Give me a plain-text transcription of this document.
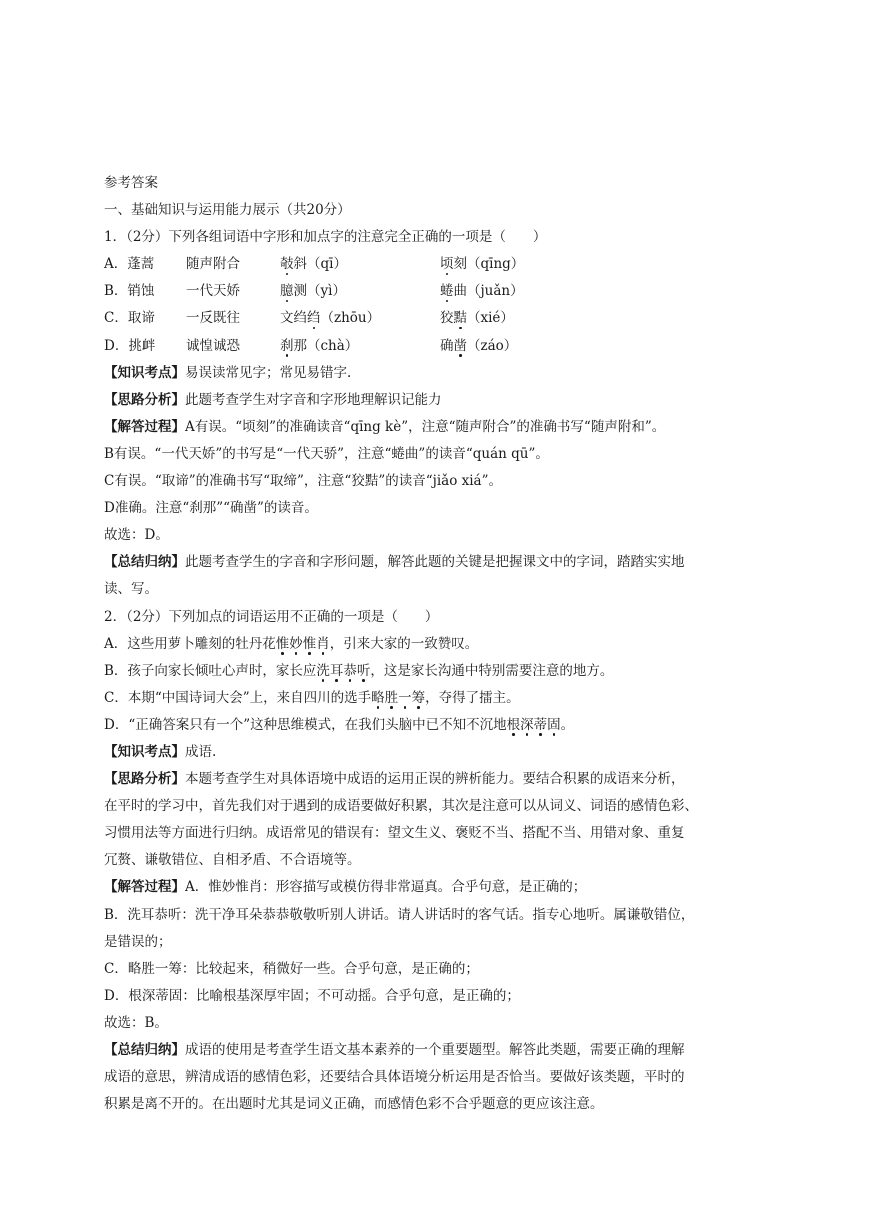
参考答案
一、基础知识与运用能力展示（共20分）
1．（2分）下列各组词语中字形和加点字的注意完全正确的一项是（　　）
A．蓬蒿	随声附合	攲斜（qī）	顷刻（qīng）
B．销蚀	一代天娇	臆测（yì）	蜷曲（juǎn）
C．取谛	一反既往	文绉绉（zhōu）	狡黠（xié）
D．挑衅	诚惶诚恐	刹那（chà）	确凿（záo）
【知识考点】易误读常见字；常见易错字.
【思路分析】此题考查学生对字音和字形地理解识记能力
【解答过程】A有误。“顷刻”的准确读音“qīng kè”，注意“随声附合”的准确书写“随声附和”。
B有误。“一代天娇”的书写是“一代天骄”，注意“蜷曲”的读音“quán qū”。
C有误。“取谛”的准确书写“取缔”，注意“狡黠”的读音“jiǎo xiá”。
D准确。注意“刹那”“确凿”的读音。
故选：D。
【总结归纳】此题考查学生的字音和字形问题，解答此题的关键是把握课文中的字词，踏踏实实地
读、写。
2．（2分）下列加点的词语运用不正确的一项是（　　）
A．这些用萝卜雕刻的牡丹花惟妙惟肖，引来大家的一致赞叹。
B．孩子向家长倾吐心声时，家长应洗耳恭听，这是家长沟通中特别需要注意的地方。
C．本期“中国诗词大会”上，来自四川的选手略胜一筹，夺得了擂主。
D．“正确答案只有一个”这种思维模式，在我们头脑中已不知不沉地根深蒂固。
【知识考点】成语.
【思路分析】本题考查学生对具体语境中成语的运用正误的辨析能力。要结合积累的成语来分析，
在平时的学习中，首先我们对于遇到的成语要做好积累，其次是注意可以从词义、词语的感情色彩、
习惯用法等方面进行归纳。成语常见的错误有：望文生义、褒贬不当、搭配不当、用错对象、重复
冗赘、谦敬错位、自相矛盾、不合语境等。
【解答过程】A．惟妙惟肖：形容描写或模仿得非常逼真。合乎句意，是正确的；
B．洗耳恭听：洗干净耳朵恭恭敬敬听别人讲话。请人讲话时的客气话。指专心地听。属谦敬错位，
是错误的；
C．略胜一筹：比较起来，稍微好一些。合乎句意，是正确的；
D．根深蒂固：比喻根基深厚牢固；不可动摇。合乎句意，是正确的；
故选：B。
【总结归纳】成语的使用是考查学生语文基本素养的一个重要题型。解答此类题，需要正确的理解
成语的意思，辨清成语的感情色彩，还要结合具体语境分析运用是否恰当。要做好该类题，平时的
积累是离不开的。在出题时尤其是词义正确，而感情色彩不合乎题意的更应该注意。
